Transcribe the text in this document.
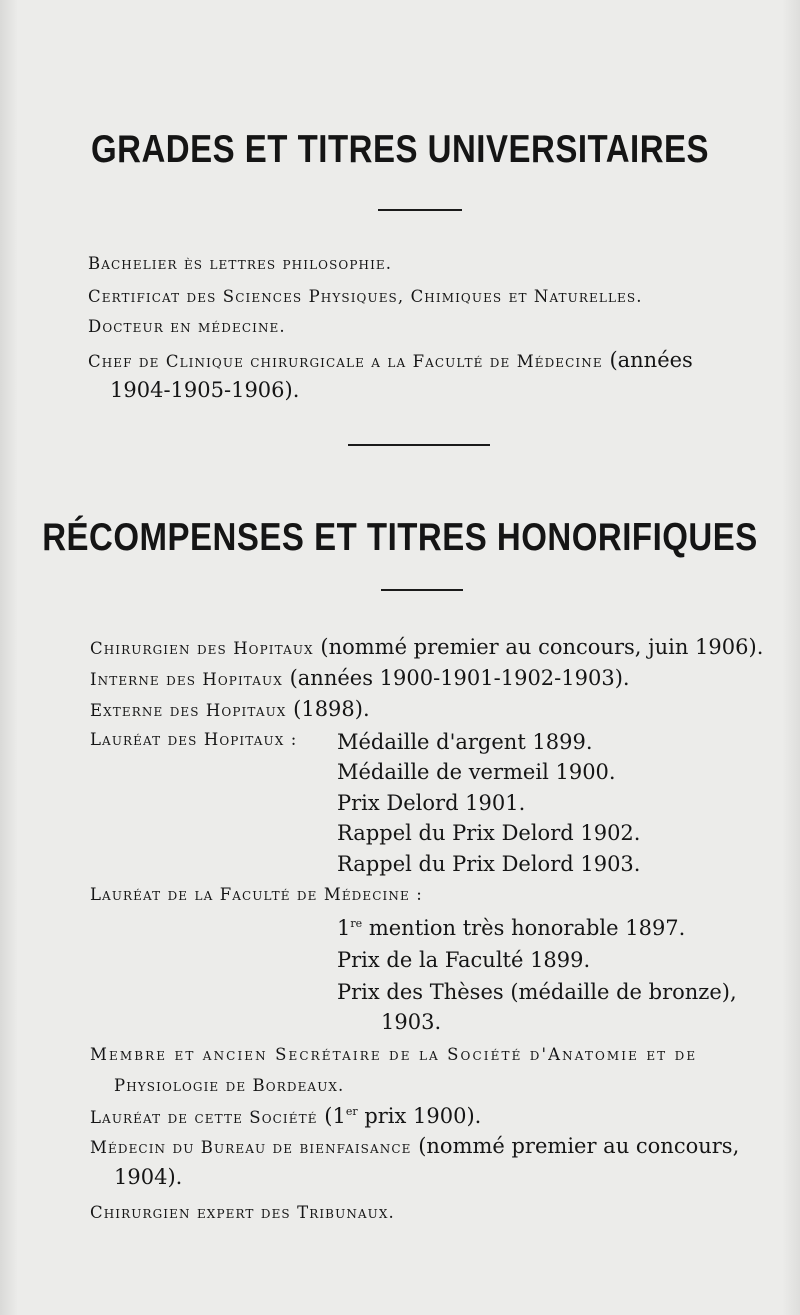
GRADES ET TITRES UNIVERSITAIRES
Bachelier ès lettres philosophie.
Certificat des Sciences Physiques, Chimiques et Naturelles.
Docteur en médecine.
Chef de Clinique chirurgicale a la Faculté de Médecine (années
1904-1905-1906).
RÉCOMPENSES ET TITRES HONORIFIQUES
Chirurgien des Hopitaux (nommé premier au concours, juin 1906).
Interne des Hopitaux (années 1900-1901-1902-1903).
Externe des Hopitaux (1898).
Lauréat des Hopitaux : Médaille d'argent 1899.
Médaille de vermeil 1900.
Prix Delord 1901.
Rappel du Prix Delord 1902.
Rappel du Prix Delord 1903.
Lauréat de la Faculté de Médecine :
1re mention très honorable 1897.
Prix de la Faculté 1899.
Prix des Thèses (médaille de bronze),
1903.
Membre et ancien Secrétaire de la Société d'Anatomie et de
Physiologie de Bordeaux.
Lauréat de cette Société (1er prix 1900).
Médecin du Bureau de bienfaisance (nommé premier au concours,
1904).
Chirurgien expert des Tribunaux.
